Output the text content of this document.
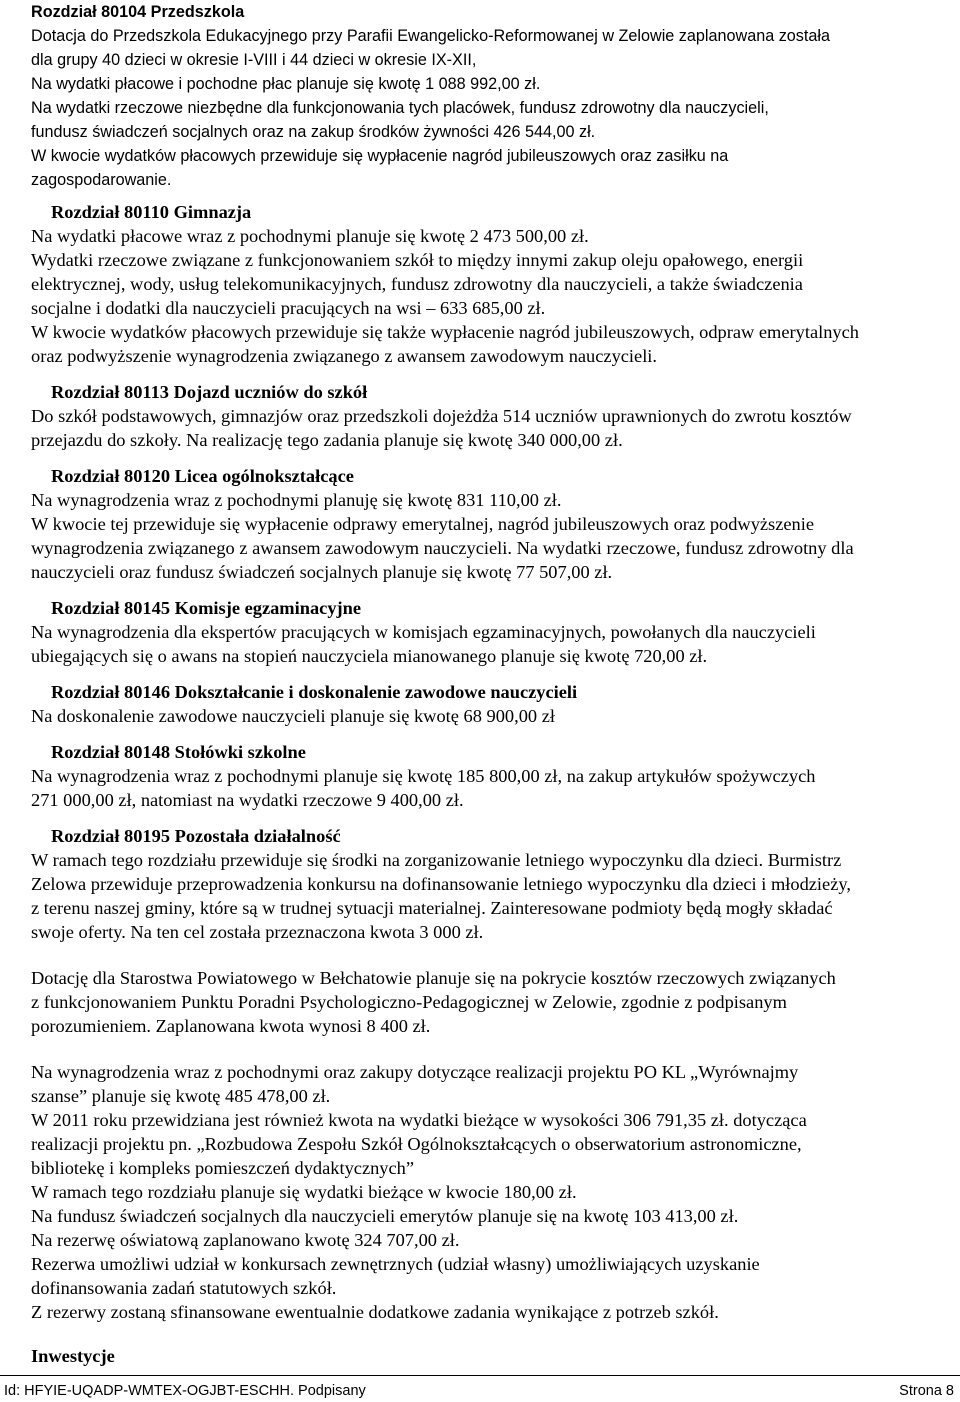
Rozdział 80104 Przedszkola
Dotacja do Przedszkola Edukacyjnego przy Parafii Ewangelicko-Reformowanej w Zelowie zaplanowana została
dla grupy 40 dzieci w okresie I-VIII i 44 dzieci w okresie IX-XII,
Na wydatki płacowe i pochodne płac planuje się kwotę 1 088 992,00 zł.
Na wydatki rzeczowe niezbędne dla funkcjonowania tych placówek, fundusz zdrowotny dla nauczycieli,
fundusz świadczeń socjalnych oraz na zakup środków żywności 426 544,00 zł.
W kwocie wydatków płacowych przewiduje się wypłacenie nagród jubileuszowych oraz zasiłku na
zagospodarowanie.
Rozdział 80110 Gimnazja
Na wydatki płacowe wraz z pochodnymi planuje się kwotę 2 473 500,00 zł.
Wydatki rzeczowe związane z funkcjonowaniem szkół to między innymi zakup oleju opałowego, energii
elektrycznej, wody, usług telekomunikacyjnych, fundusz zdrowotny dla nauczycieli, a także świadczenia
socjalne i dodatki dla nauczycieli pracujących na wsi – 633 685,00 zł.
W kwocie wydatków płacowych przewiduje się także wypłacenie nagród jubileuszowych, odpraw emerytalnych
oraz podwyższenie wynagrodzenia związanego z awansem zawodowym nauczycieli.
Rozdział 80113 Dojazd uczniów do szkół
Do szkół podstawowych, gimnazjów oraz przedszkoli dojeżdża 514 uczniów uprawnionych do zwrotu kosztów
przejazdu do szkoły. Na realizację tego zadania planuje się kwotę 340 000,00 zł.
Rozdział 80120 Licea ogólnokształcące
Na wynagrodzenia wraz z pochodnymi planuję się kwotę 831 110,00 zł.
W kwocie tej przewiduje się wypłacenie odprawy emerytalnej, nagród jubileuszowych oraz podwyższenie
wynagrodzenia związanego z awansem zawodowym nauczycieli. Na wydatki rzeczowe, fundusz zdrowotny dla
nauczycieli oraz fundusz świadczeń socjalnych planuje się kwotę 77 507,00 zł.
Rozdział 80145 Komisje egzaminacyjne
Na wynagrodzenia dla ekspertów pracujących w komisjach egzaminacyjnych, powołanych dla nauczycieli
ubiegających się o awans na stopień nauczyciela mianowanego planuje się kwotę 720,00 zł.
Rozdział 80146 Dokształcanie i doskonalenie zawodowe nauczycieli
Na doskonalenie zawodowe nauczycieli planuje się kwotę 68 900,00 zł
Rozdział 80148 Stołówki szkolne
Na wynagrodzenia wraz z pochodnymi planuje się kwotę 185 800,00 zł, na zakup artykułów spożywczych
271 000,00 zł, natomiast na wydatki rzeczowe 9 400,00 zł.
Rozdział 80195 Pozostała działalność
W ramach tego rozdziału przewiduje się środki na zorganizowanie letniego wypoczynku dla dzieci. Burmistrz
Zelowa przewiduje przeprowadzenia konkursu na dofinansowanie letniego wypoczynku dla dzieci i młodzieży,
z terenu naszej gminy, które są w trudnej sytuacji materialnej. Zainteresowane podmioty będą mogły składać
swoje oferty. Na ten cel została przeznaczona kwota 3 000 zł.
Dotację dla Starostwa Powiatowego w Bełchatowie planuje się na pokrycie kosztów rzeczowych związanych
z funkcjonowaniem Punktu Poradni Psychologiczno-Pedagogicznej w Zelowie, zgodnie z podpisanym
porozumieniem. Zaplanowana kwota wynosi 8 400 zł.
Na wynagrodzenia wraz z pochodnymi oraz zakupy dotyczące realizacji projektu PO KL „Wyrównajmy
szanse” planuje się kwotę 485 478,00 zł.
W 2011 roku przewidziana jest również kwota na wydatki bieżące w wysokości 306 791,35 zł. dotycząca
realizacji projektu pn. „Rozbudowa Zespołu Szkół Ogólnokształcących o obserwatorium astronomiczne,
bibliotekę i kompleks pomieszczeń dydaktycznych”
W ramach tego rozdziału planuje się wydatki bieżące w kwocie 180,00 zł.
Na fundusz świadczeń socjalnych dla nauczycieli emerytów planuje się na kwotę 103 413,00 zł.
Na rezerwę oświatową zaplanowano kwotę 324 707,00 zł.
Rezerwa umożliwi udział w konkursach zewnętrznych (udział własny) umożliwiających uzyskanie
dofinansowania zadań statutowych szkół.
Z rezerwy zostaną sfinansowane ewentualnie dodatkowe zadania wynikające z potrzeb szkół.
Inwestycje
Id: HFYIE-UQADP-WMTEX-OGJBT-ESCHH. Podpisany	Strona 8
